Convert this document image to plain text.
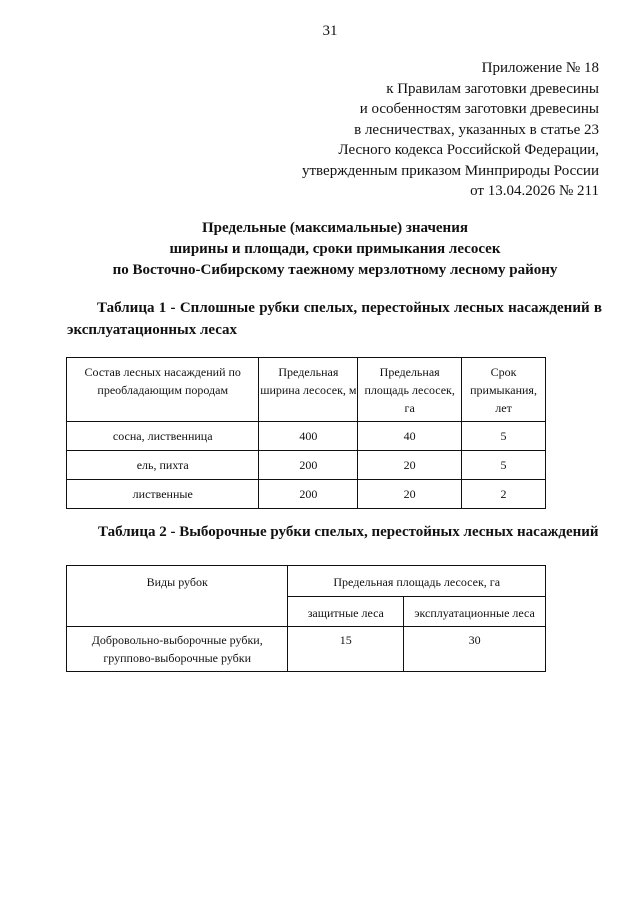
31
Приложение № 18
к Правилам заготовки древесины
и особенностям заготовки древесины
в лесничествах, указанных в статье 23
Лесного кодекса Российской Федерации,
утвержденным приказом Минприроды России
от 13.04.2026 № 211
Предельные (максимальные) значения
ширины и площади, сроки примыкания лесосек
по Восточно-Сибирскому таежному мерзлотному лесному району
Таблица 1 - Сплошные рубки спелых, перестойных лесных насаждений в эксплуатационных лесах
Состав лесных насаждений по преобладающим породам	Предельная ширина лесосек, м	Предельная площадь лесосек, га	Срок примыкания, лет
сосна, лиственница	400	40	5
ель, пихта	200	20	5
лиственные	200	20	2
Таблица 2 - Выборочные рубки спелых, перестойных лесных насаждений
Виды рубок	Предельная площадь лесосек, га	
	защитные леса	эксплуатационные леса
Добровольно-выборочные рубки, групповo-выборочные рубки	15	30
